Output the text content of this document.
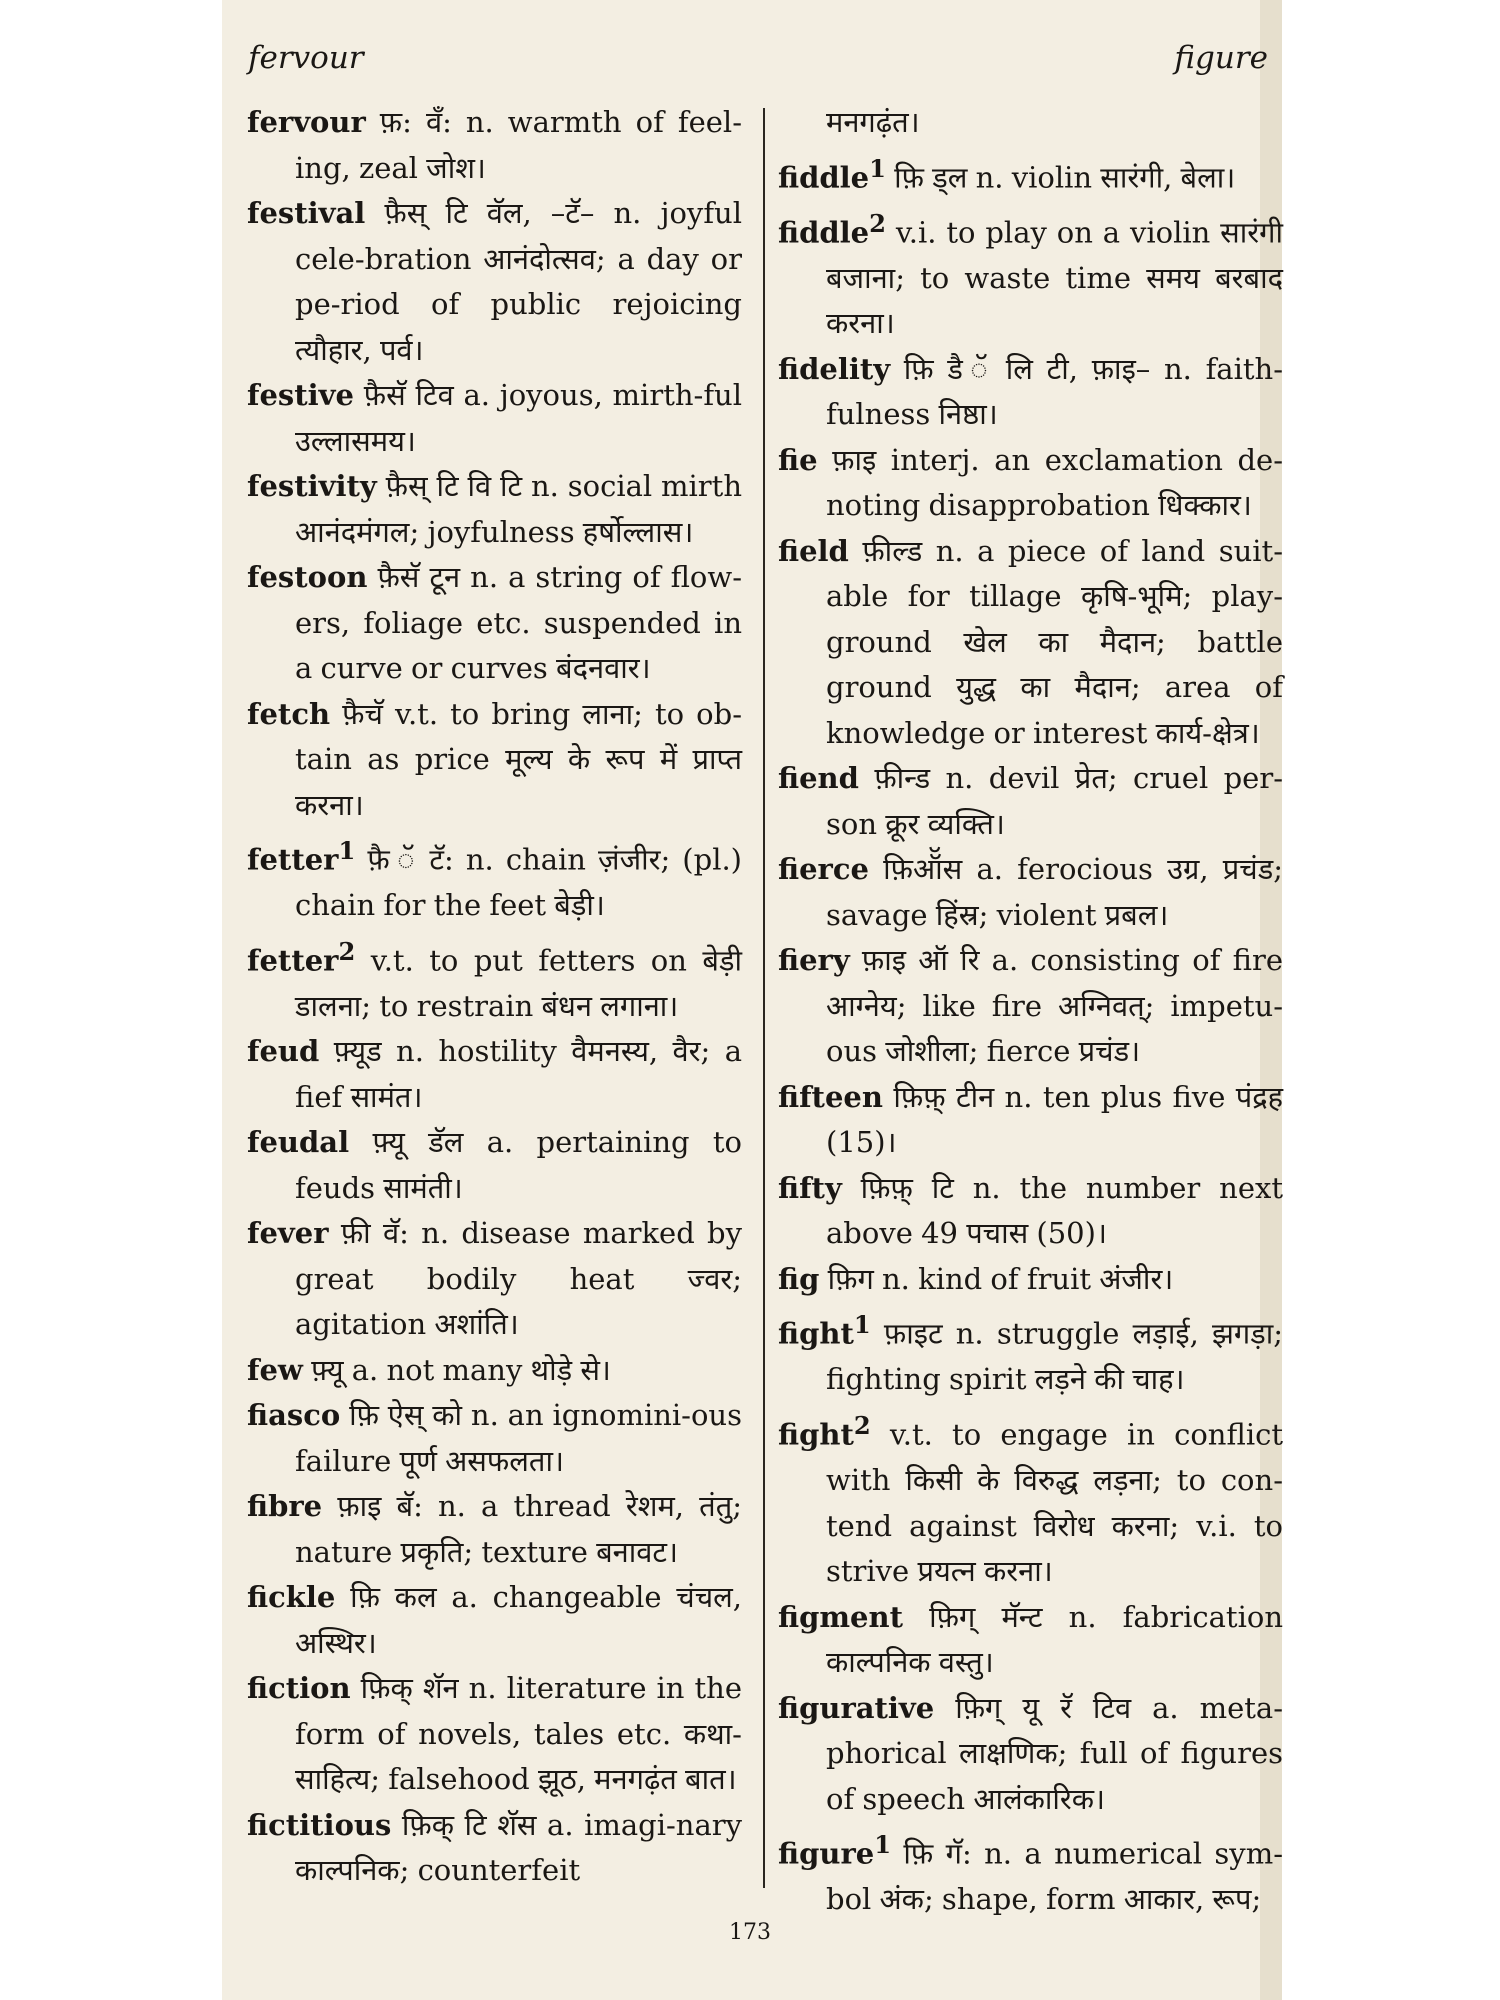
fervour	figure

fervour फ़: वँ: n. warmth of feel-ing, zeal जोश।

festival फ़ैस् टि वॅल, –टॅ– n. joyful cele-bration आनंदोत्सव; a day or pe-riod of public rejoicing त्यौहार, पर्व।

festive फ़ैसॅ टिव a. joyous, mirth-ful उल्लासमय।

festivity फ़ैस् टि वि टि n. social mirth आनंदमंगल; joyfulness हर्षोल्लास।

festoon फ़ैसॅ टून n. a string of flow-ers, foliage etc. suspended in a curve or curves बंदनवार।

fetch फ़ैचॅ v.t. to bring लाना; to ob-tain as price मूल्य के रूप में प्राप्त करना।

fetter$^1$ फ़ै ॅ टॅ: n. chain ज़ंजीर; (pl.) chain for the feet बेड़ी।

fetter$^2$ v.t. to put fetters on बेड़ी डालना; to restrain बंधन लगाना।

feud फ़्यूड n. hostility वैमनस्य, वैर; a fief सामंत।

feudal फ़्यू डॅल a. pertaining to feuds सामंती।

fever फ़ी वॅ: n. disease marked by great bodily heat ज्वर; agitation अशांति।

few फ़्यू a. not many थोड़े से।

fiasco फ़ि ऐस् को n. an ignomini-ous failure पूर्ण असफलता।

fibre फ़ाइ बॅ: n. a thread रेशम, तंतु; nature प्रकृति; texture बनावट।

fickle फ़ि कल a. changeable चंचल, अस्थिर।

fiction फ़िक् शॅन n. literature in the form of novels, tales etc. कथा-साहित्य; falsehood झूठ, मनगढ़ंत बात।

fictitious फ़िक् टि शॅस a. imagi-nary काल्पनिक; counterfeit

मनगढ़ंत।

fiddle$^1$ फ़ि ड्ल n. violin सारंगी, बेला।

fiddle$^2$ v.i. to play on a violin सारंगी बजाना; to waste time समय बरबाद करना।

fidelity फ़ि डै ॅ लि टी, फ़ाइ– n. faith-fulness निष्ठा।

fie फ़ाइ interj. an exclamation de-noting disapprobation धिक्कार।

field फ़ील्ड n. a piece of land suit-able for tillage कृषि-भूमि; play-ground खेल का मैदान; battle ground युद्ध का मैदान; area of knowledge or interest कार्य-क्षेत्र।

fiend फ़ीन्ड n. devil प्रेत; cruel per-son क्रूर व्यक्ति।

fierce फ़िऑॅस a. ferocious उग्र, प्रचंड; savage हिंस्र; violent प्रबल।

fiery फ़ाइ ऑ रि a. consisting of fire आग्नेय; like fire अग्निवत्; impetu-ous जोशीला; fierce प्रचंड।

fifteen फ़िफ़् टीन n. ten plus five पंद्रह (15)।

fifty फ़िफ़् टि n. the number next above 49 पचास (50)।

fig फ़िग n. kind of fruit अंजीर।

fight$^1$ फ़ाइट n. struggle लड़ाई, झगड़ा; fighting spirit लड़ने की चाह।

fight$^2$ v.t. to engage in conflict with किसी के विरुद्ध लड़ना; to con-tend against विरोध करना; v.i. to strive प्रयत्न करना।

figment फ़िग् मॅन्ट n. fabrication काल्पनिक वस्तु।

figurative फ़िग् यू रॅ टिव a. meta-phorical लाक्षणिक; full of figures of speech आलंकारिक।

figure$^1$ फ़ि गॅ: n. a numerical sym-bol अंक; shape, form आकार, रूप;

173
